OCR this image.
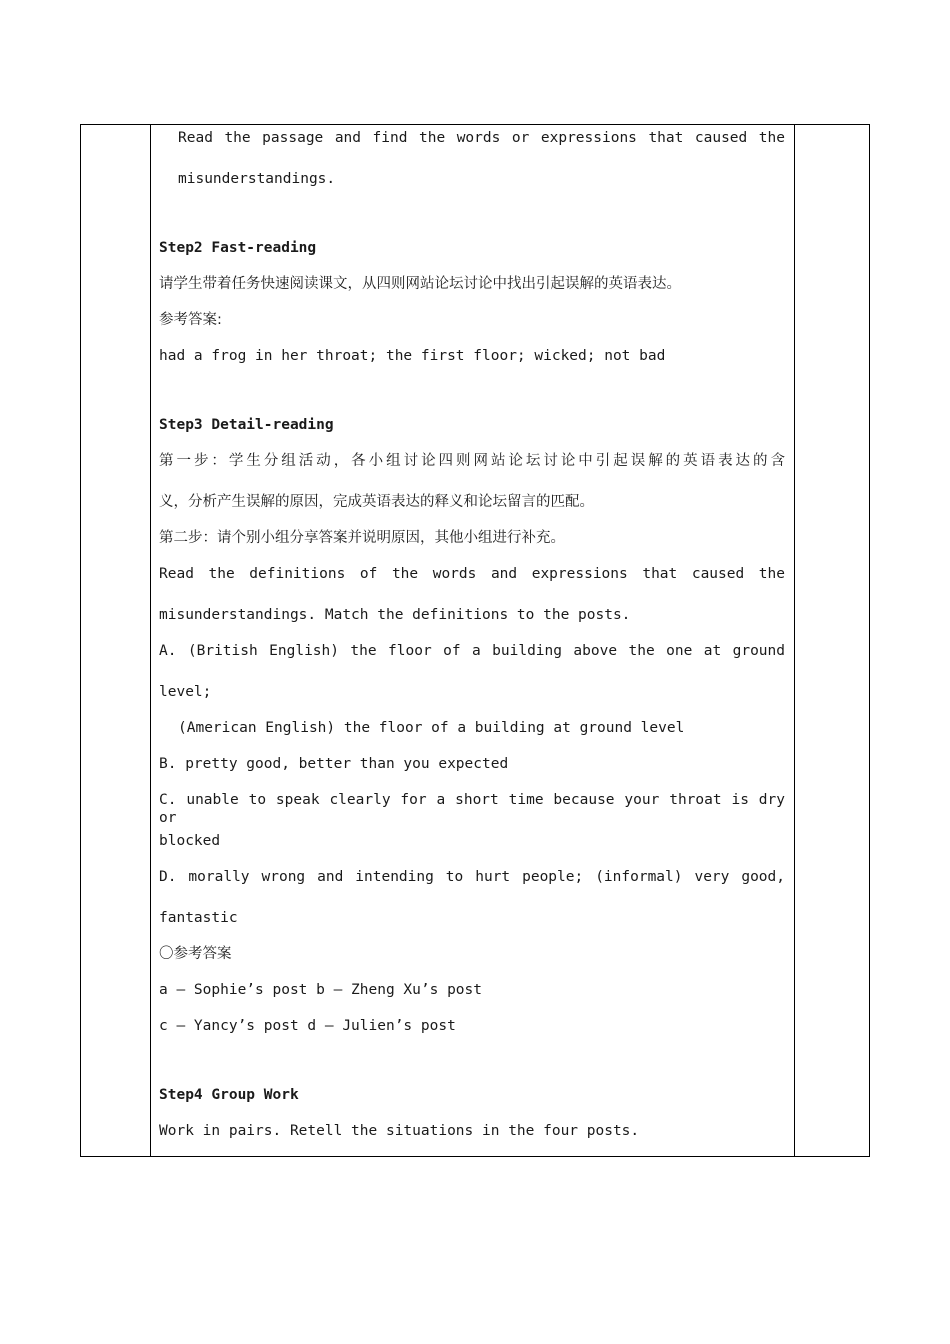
Read the passage and find the words or expressions that caused the
misunderstandings.
Step2 Fast-reading
请学生带着任务快速阅读课文，从四则网站论坛讨论中找出引起误解的英语表达。
参考答案:
had a frog in her throat; the first floor; wicked; not bad
Step3 Detail-reading
第一步：学生分组活动，各小组讨论四则网站论坛讨论中引起误解的英语表达的含
义，分析产生误解的原因，完成英语表达的释义和论坛留言的匹配。
第二步：请个别小组分享答案并说明原因，其他小组进行补充。
Read the definitions of the words and expressions that caused the
misunderstandings. Match the definitions to the posts.
A. (British English) the floor of a building above the one at ground
level;
(American English) the floor of a building at ground level
B. pretty good, better than you expected
C. unable to speak clearly for a short time because your throat is dry or
blocked
D. morally wrong and intending to hurt people; (informal) very good,
fantastic
〇参考答案
a – Sophie’s post b – Zheng Xu’s post
c – Yancy’s post d – Julien’s post
Step4 Group Work
Work in pairs. Retell the situations in the four posts.
